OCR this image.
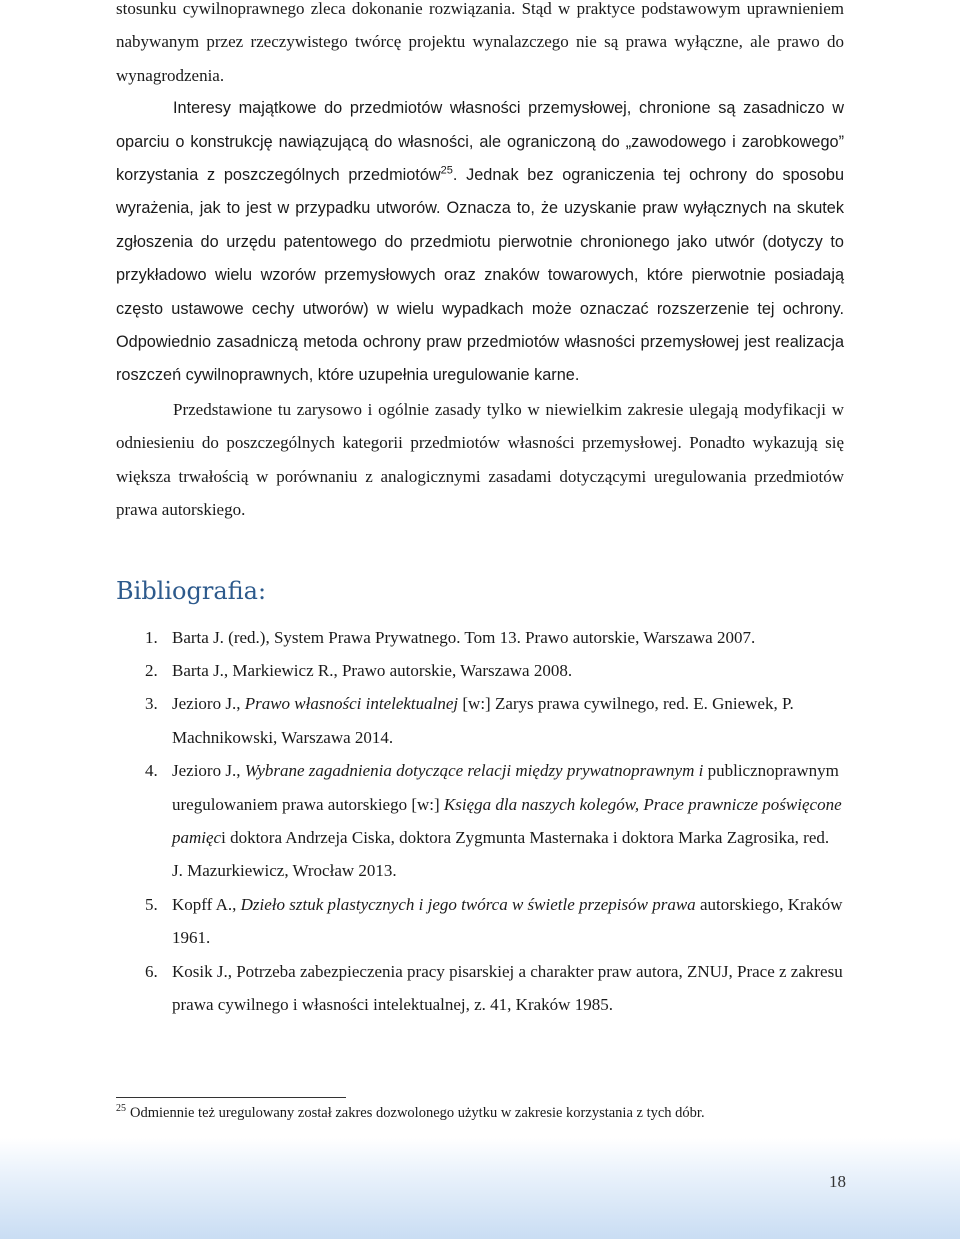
stosunku cywilnoprawnego zleca dokonanie rozwiązania. Stąd w praktyce podstawowym uprawnieniem nabywanym przez rzeczywistego twórcę projektu wynalazczego nie są prawa wyłączne, ale prawo do wynagrodzenia.

Interesy majątkowe do przedmiotów własności przemysłowej, chronione są zasadniczo w oparciu o konstrukcję nawiązującą do własności, ale ograniczoną do „zawodowego i zarobkowego” korzystania z poszczególnych przedmiotów$^{25}$. Jednak bez ograniczenia tej ochrony do sposobu wyrażenia, jak to jest w przypadku utworów. Oznacza to, że uzyskanie praw wyłącznych na skutek zgłoszenia do urzędu patentowego do przedmiotu pierwotnie chronionego jako utwór (dotyczy to przykładowo wielu wzorów przemysłowych oraz znaków towarowych, które pierwotnie posiadają często ustawowe cechy utworów) w wielu wypadkach może oznaczać rozszerzenie tej ochrony. Odpowiednio zasadniczą metoda ochrony praw przedmiotów własności przemysłowej jest realizacja roszczeń cywilnoprawnych, które uzupełnia uregulowanie karne.

Przedstawione tu zarysowo i ogólnie zasady tylko w niewielkim zakresie ulegają modyfikacji w odniesieniu do poszczególnych kategorii przedmiotów własności przemysłowej. Ponadto wykazują się większa trwałością w porównaniu z analogicznymi zasadami dotyczącymi uregulowania przedmiotów prawa autorskiego.

Bibliografia:
1. Barta J. (red.), System Prawa Prywatnego. Tom 13. Prawo autorskie, Warszawa 2007.
2. Barta J., Markiewicz R., Prawo autorskie, Warszawa 2008.
3. Jezioro J., Prawo własności intelektualnej [w:] Zarys prawa cywilnego, red. E. Gniewek, P. Machnikowski, Warszawa 2014.
4. Jezioro J., Wybrane zagadnienia dotyczące relacji między prywatnoprawnym i publicznoprawnym uregulowaniem prawa autorskiego [w:] Księga dla naszych kolegów, Prace prawnicze poświęcone pamięci doktora Andrzeja Ciska, doktora Zygmunta Masternaka i doktora Marka Zagrosika, red. J. Mazurkiewicz, Wrocław 2013.
5. Kopff A., Dzieło sztuk plastycznych i jego twórca w świetle przepisów prawa autorskiego, Kraków 1961.
6. Kosik J., Potrzeba zabezpieczenia pracy pisarskiej a charakter praw autora, ZNUJ, Prace z zakresu prawa cywilnego i własności intelektualnej, z. 41, Kraków 1985.
$^{25}$ Odmiennie też uregulowany został zakres dozwolonego użytku w zakresie korzystania z tych dóbr.
18
